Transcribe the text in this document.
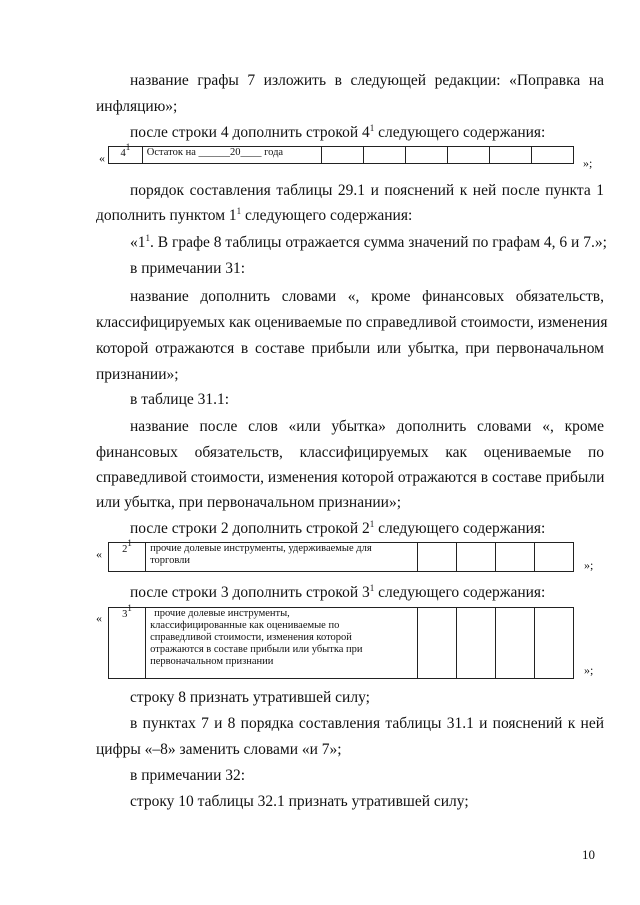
название графы 7 изложить в следующей редакции: «Поправка на
инфляцию»;
после строки 4 дополнить строкой $4^1$ следующего содержания:
« $4^1$	Остаток на ______20____ года						
»;
порядок составления таблицы 29.1 и пояснений к ней после пункта 1
дополнить пунктом $1^1$ следующего содержания:
«$1^1$. В графе 8 таблицы отражается сумма значений по графам 4, 6 и 7.»;
в примечании 31:
название дополнить словами «, кроме финансовых обязательств,
классифицируемых как оцениваемые по справедливой стоимости, изменения
которой отражаются в составе прибыли или убытка, при первоначальном
признании»;
в таблице 31.1:
название после слов «или убытка» дополнить словами «, кроме
финансовых обязательств, классифицируемых как оцениваемые по
справедливой стоимости, изменения которой отражаются в составе прибыли
или убытка, при первоначальном признании»;
после строки 2 дополнить строкой $2^1$ следующего содержания:
« $2^1$	прочие долевые инструменты, удерживаемые для
торговли
					»;
после строки 3 дополнить строкой $3^1$ следующего содержания:
« $3^1$	прочие долевые инструменты,
классифицированные как оцениваемые по
справедливой стоимости, изменения которой
отражаются в составе прибыли или убытка при
первоначальном признании

»;
строку 8 признать утратившей силу;
в пунктах 7 и 8 порядка составления таблицы 31.1 и пояснений к ней
цифры «–8» заменить словами «и 7»;
в примечании 32:
строку 10 таблицы 32.1 признать утратившей силу;
10
